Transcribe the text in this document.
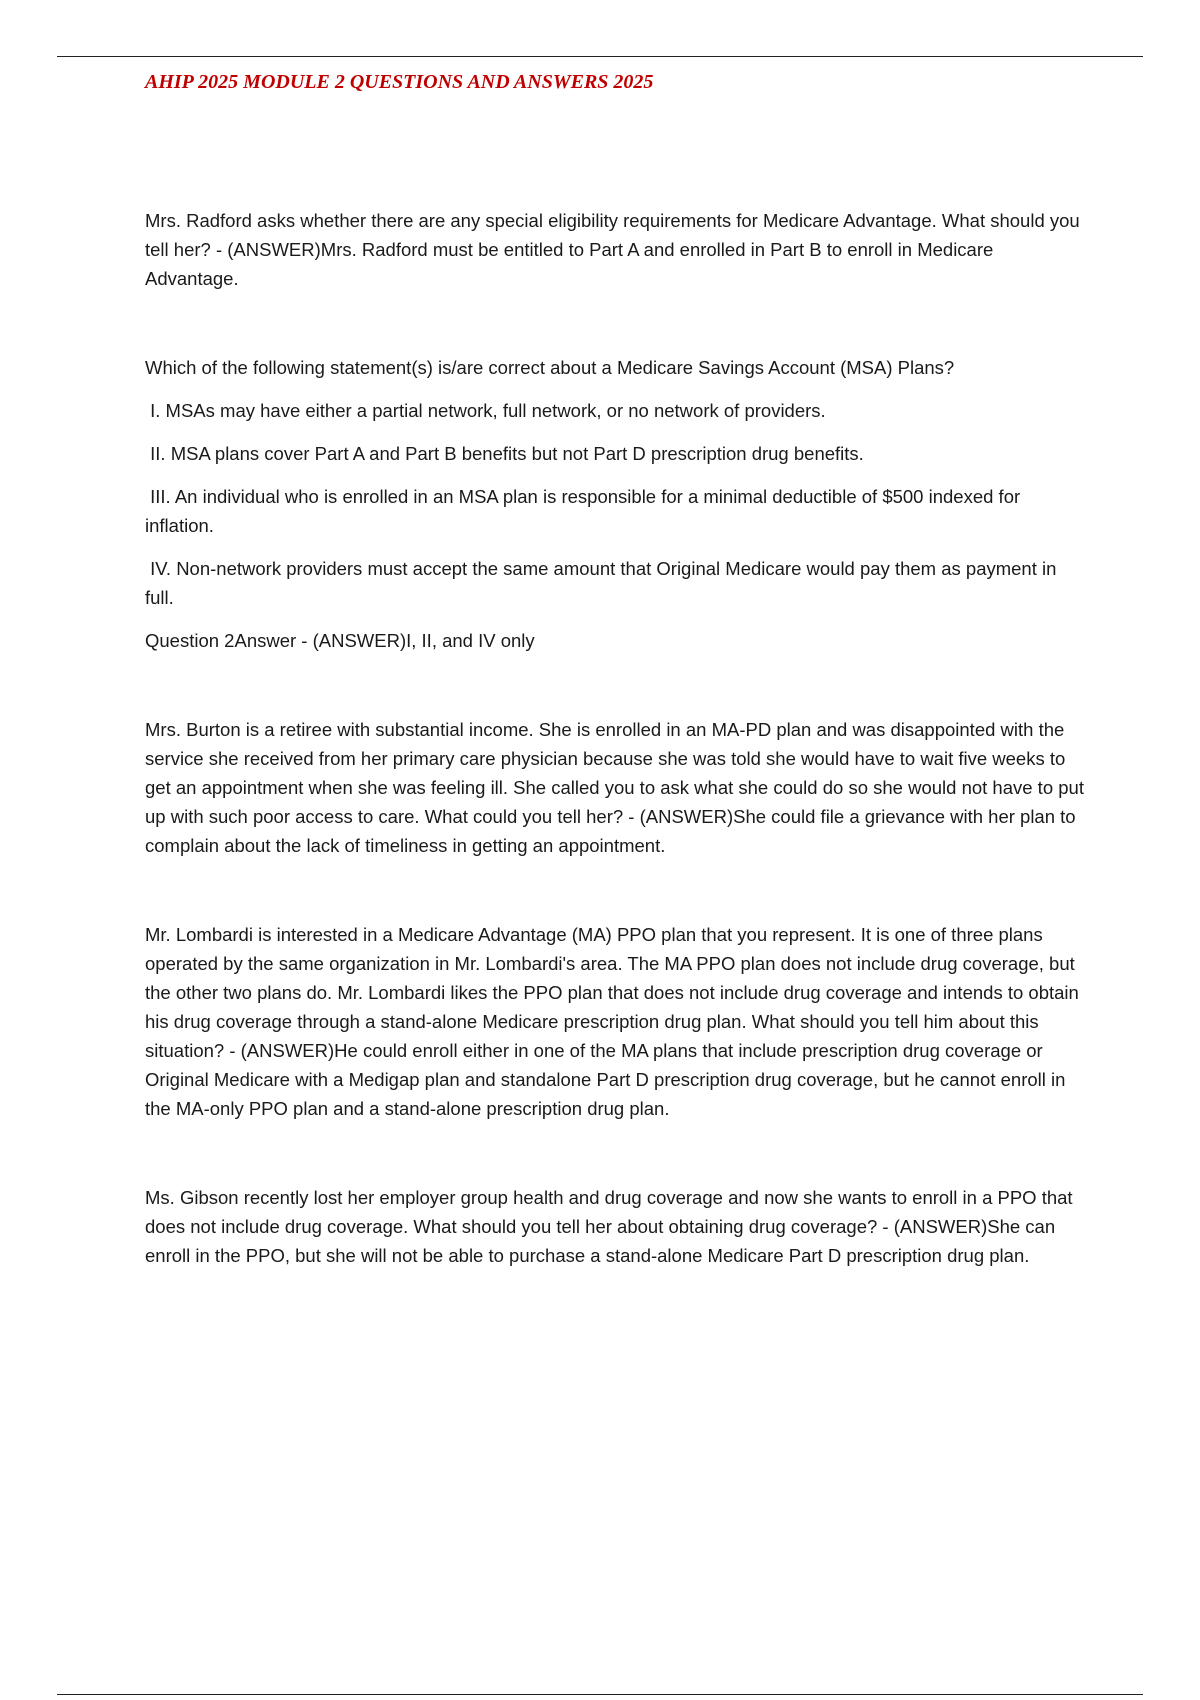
AHIP 2025 MODULE 2 QUESTIONS AND ANSWERS 2025

Mrs. Radford asks whether there are any special eligibility requirements for Medicare Advantage. What should you tell her? - (ANSWER)Mrs. Radford must be entitled to Part A and enrolled in Part B to enroll in Medicare Advantage.

Which of the following statement(s) is/are correct about a Medicare Savings Account (MSA) Plans?

I. MSAs may have either a partial network, full network, or no network of providers.

II. MSA plans cover Part A and Part B benefits but not Part D prescription drug benefits.

III. An individual who is enrolled in an MSA plan is responsible for a minimal deductible of $500 indexed for inflation.

IV. Non-network providers must accept the same amount that Original Medicare would pay them as payment in full.

Question 2Answer - (ANSWER)I, II, and IV only

Mrs. Burton is a retiree with substantial income. She is enrolled in an MA-PD plan and was disappointed with the service she received from her primary care physician because she was told she would have to wait five weeks to get an appointment when she was feeling ill. She called you to ask what she could do so she would not have to put up with such poor access to care. What could you tell her? - (ANSWER)She could file a grievance with her plan to complain about the lack of timeliness in getting an appointment.

Mr. Lombardi is interested in a Medicare Advantage (MA) PPO plan that you represent. It is one of three plans operated by the same organization in Mr. Lombardi's area. The MA PPO plan does not include drug coverage, but the other two plans do. Mr. Lombardi likes the PPO plan that does not include drug coverage and intends to obtain his drug coverage through a stand-alone Medicare prescription drug plan. What should you tell him about this situation? - (ANSWER)He could enroll either in one of the MA plans that include prescription drug coverage or Original Medicare with a Medigap plan and standalone Part D prescription drug coverage, but he cannot enroll in the MA-only PPO plan and a stand-alone prescription drug plan.

Ms. Gibson recently lost her employer group health and drug coverage and now she wants to enroll in a PPO that does not include drug coverage. What should you tell her about obtaining drug coverage? - (ANSWER)She can enroll in the PPO, but she will not be able to purchase a stand-alone Medicare Part D prescription drug plan.
